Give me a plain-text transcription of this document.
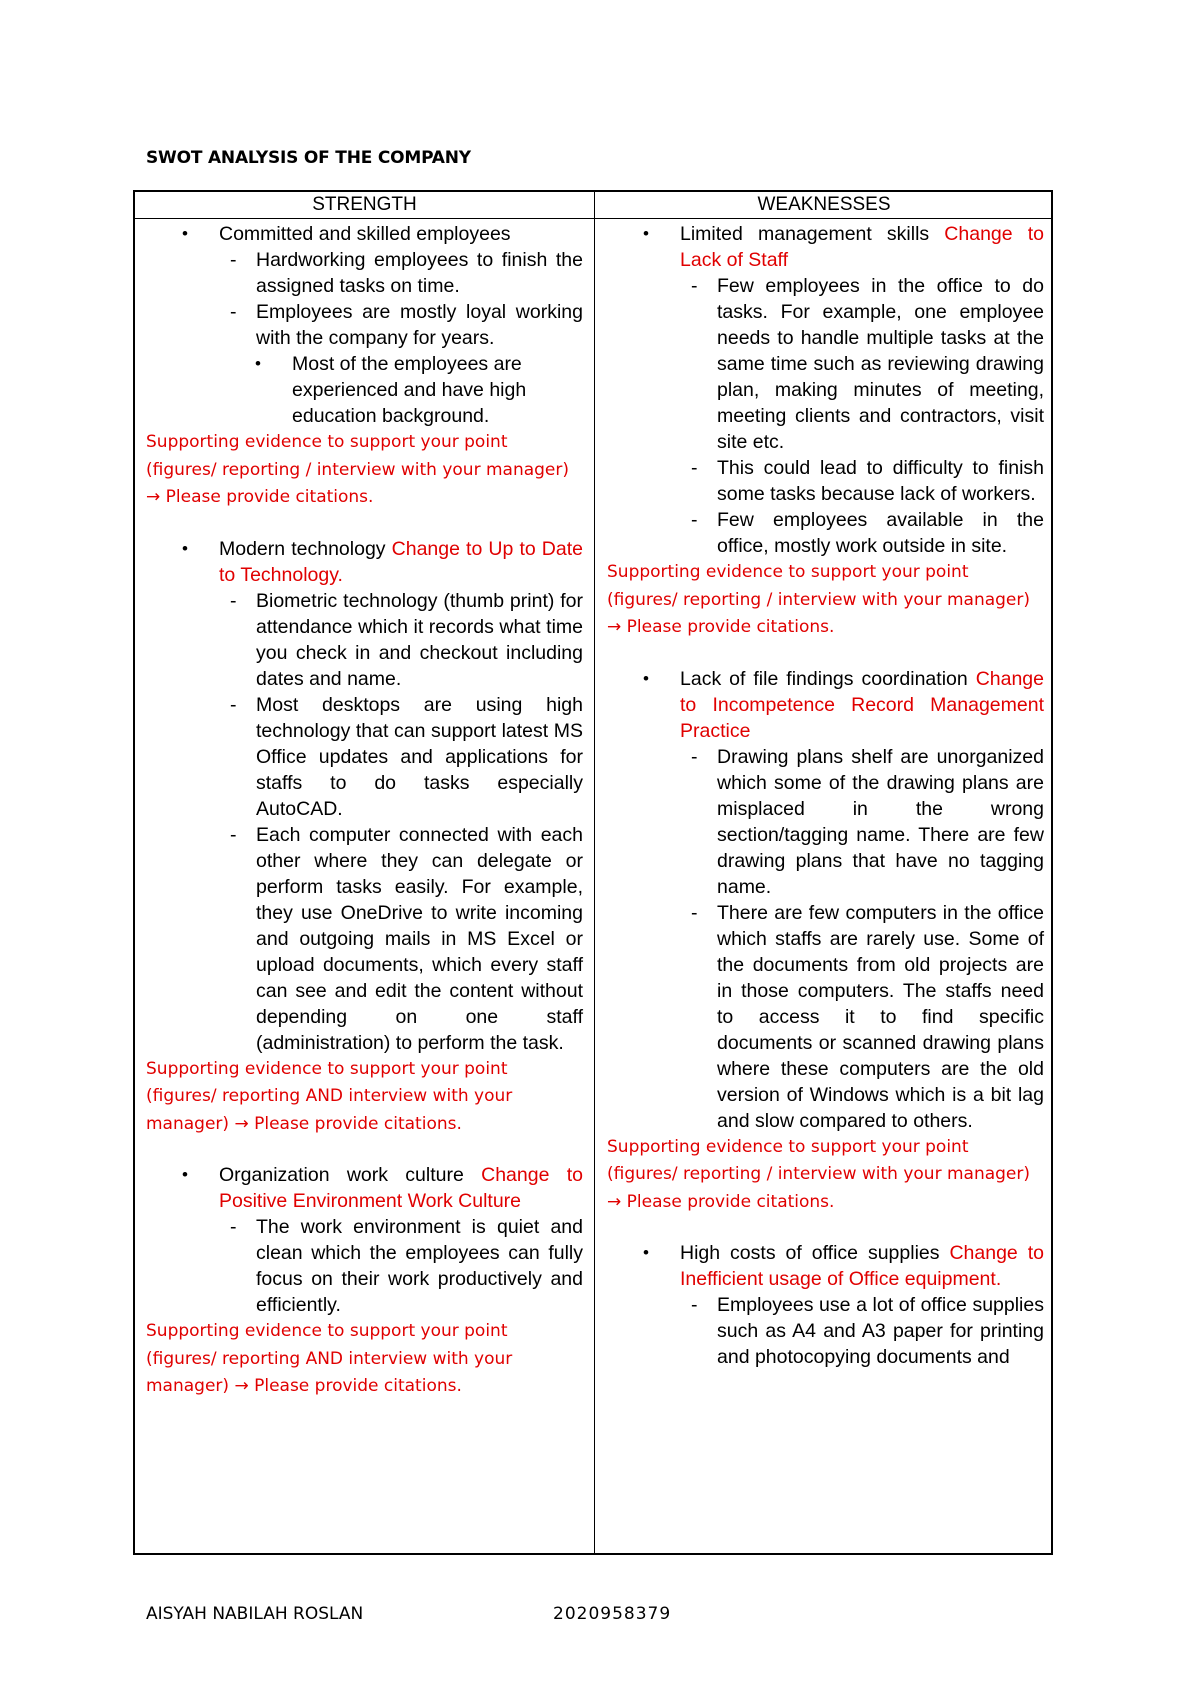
SWOT ANALYSIS OF THE COMPANY
STRENGTH	WEAKNESSES
• Committed and skilled employees
- Hardworking employees to finish the assigned tasks on time.
- Employees are mostly loyal working with the company for years.
• Most of the employees are experienced and have high education background.
Supporting evidence to support your point (figures/ reporting / interview with your manager) → Please provide citations.
• Modern technology Change to Up to Date to Technology.
- Biometric technology (thumb print) for attendance which it records what time you check in and checkout including dates and name.
- Most desktops are using high technology that can support latest MS Office updates and applications for staffs to do tasks especially AutoCAD.
- Each computer connected with each other where they can delegate or perform tasks easily. For example, they use OneDrive to write incoming and outgoing mails in MS Excel or upload documents, which every staff can see and edit the content without depending on one staff (administration) to perform the task.
Supporting evidence to support your point (figures/ reporting AND interview with your manager) → Please provide citations.
• Organization work culture Change to Positive Environment Work Culture
- The work environment is quiet and clean which the employees can fully focus on their work productively and efficiently.
Supporting evidence to support your point (figures/ reporting AND interview with your manager) → Please provide citations.
• Limited management skills Change to Lack of Staff
- Few employees in the office to do tasks. For example, one employee needs to handle multiple tasks at the same time such as reviewing drawing plan, making minutes of meeting, meeting clients and contractors, visit site etc.
- This could lead to difficulty to finish some tasks because lack of workers.
- Few employees available in the office, mostly work outside in site.
Supporting evidence to support your point (figures/ reporting / interview with your manager) → Please provide citations.
• Lack of file findings coordination Change to Incompetence Record Management Practice
- Drawing plans shelf are unorganized which some of the drawing plans are misplaced in the wrong section/tagging name. There are few drawing plans that have no tagging name.
- There are few computers in the office which staffs are rarely use. Some of the documents from old projects are in those computers. The staffs need to access it to find specific documents or scanned drawing plans where these computers are the old version of Windows which is a bit lag and slow compared to others.
Supporting evidence to support your point (figures/ reporting / interview with your manager) → Please provide citations.
• High costs of office supplies Change to Inefficient usage of Office equipment.
- Employees use a lot of office supplies such as A4 and A3 paper for printing and photocopying documents and
AISYAH NABILAH ROSLAN	2020958379
